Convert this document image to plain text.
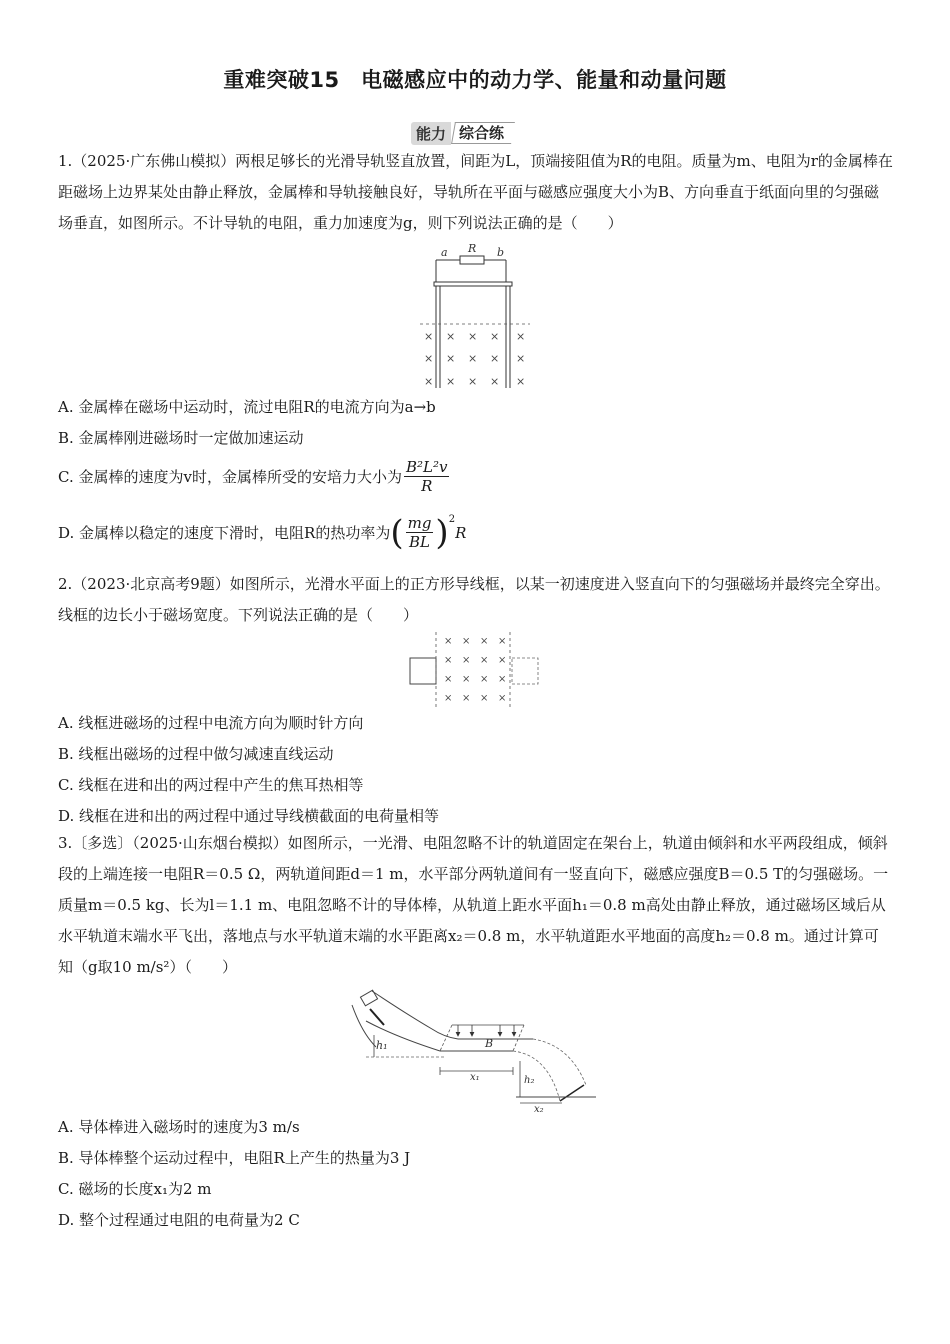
重难突破15　电磁感应中的动力学、能量和动量问题
能力 综合练

1.（2025·广东佛山模拟）两根足够长的光滑导轨竖直放置，间距为L，顶端接阻值为R的电阻。质量为m、电阻为r的金属棒在距磁场上边界某处由静止释放，金属棒和导轨接触良好，导轨所在平面与磁感应强度大小为B、方向垂直于纸面向里的匀强磁场垂直，如图所示。不计导轨的电阻，重力加速度为g，则下列说法正确的是（　　）

a R b
× × × × ×
× × × × ×
× × × × ×
A. 金属棒在磁场中运动时，流过电阻R的电流方向为a→b
B. 金属棒刚进磁场时一定做加速运动
C. 金属棒的速度为v时，金属棒所受的安培力大小为 $\frac{\text{B²L²v}}{R}$
D. 金属棒以稳定的速度下滑时，电阻R的热功率为 ( $\frac{mg}{BL} )^2$
R

2.（2023·北京高考9题）如图所示，光滑水平面上的正方形导线框，以某一初速度进入竖直向下的匀强磁场并最终完全穿出。线框的边长小于磁场宽度。下列说法正确的是（　　）

× × × ×
× × × ×
× × × ×
× × × ×
A. 线框进磁场的过程中电流方向为顺时针方向
B. 线框出磁场的过程中做匀减速直线运动
C. 线框在进和出的两过程中产生的焦耳热相等
D. 线框在进和出的两过程中通过导线横截面的电荷量相等

3.〔多选〕（2025·山东烟台模拟）如图所示，一光滑、电阻忽略不计的轨道固定在架台上，轨道由倾斜和水平两段组成，倾斜段的上端连接一电阻R＝0.5 Ω，两轨道间距d＝1 m，水平部分两轨道间有一竖直向下，磁感应强度B＝0.5 T的匀强磁场。一质量m＝0.5 kg、长为l＝1.1 m、电阻忽略不计的导体棒，从轨道上距水平面h₁＝0.8 m高处由静止释放，通过磁场区域后从水平轨道末端水平飞出，落地点与水平轨道末端的水平距离x₂＝0.8 m，水平轨道距水平地面的高度h₂＝0.8 m。通过计算可知（g取10 m/s²）（　　）

B
h₁
x₁	h₂
x₂
A. 导体棒进入磁场时的速度为3 m/s
B. 导体棒整个运动过程中，电阻R上产生的热量为3 J
C. 磁场的长度x₁为2 m
D. 整个过程通过电阻的电荷量为2 C
